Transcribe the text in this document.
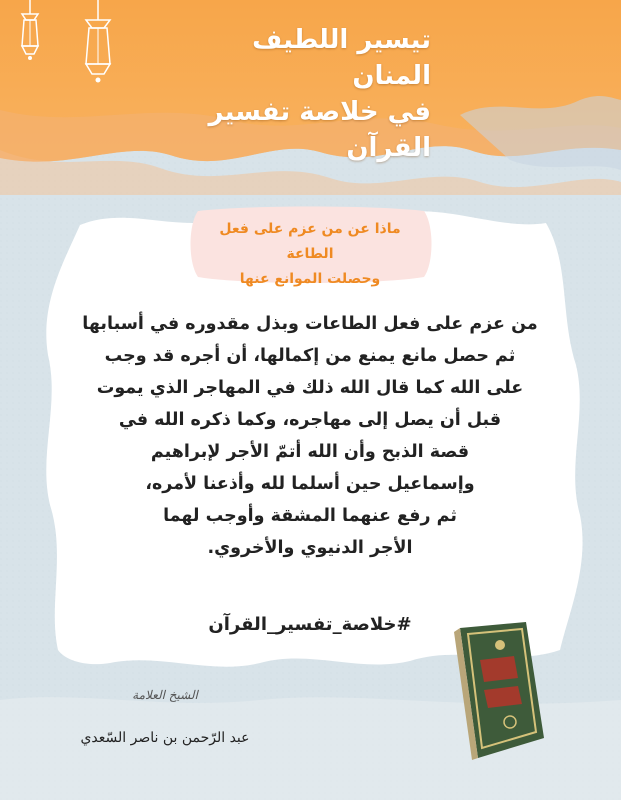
تيسير اللطيف المنان
في خلاصة تفسير القرآن
ماذا عن من عزم على فعل الطاعة
وحصلت الموانع عنها
من عزم على فعل الطاعات وبذل مقدوره في أسبابها
ثم حصل مانع يمنع من إكمالها، أن أجره قد وجب
على الله كما قال الله ذلك في المهاجر الذي يموت
قبل أن يصل إلى مهاجره، وكما ذكره الله في
قصة الذبح وأن الله أتمّ الأجر لإبراهيم
وإسماعيل حين أسلما لله وأذعنا لأمره،
ثم رفع عنهما المشقة وأوجب لهما
الأجر الدنيوي والأخروي.
#خلاصة_تفسير_القرآن
الشيخ العلامة
عبد الرّحمن بن ناصر السّعدي
